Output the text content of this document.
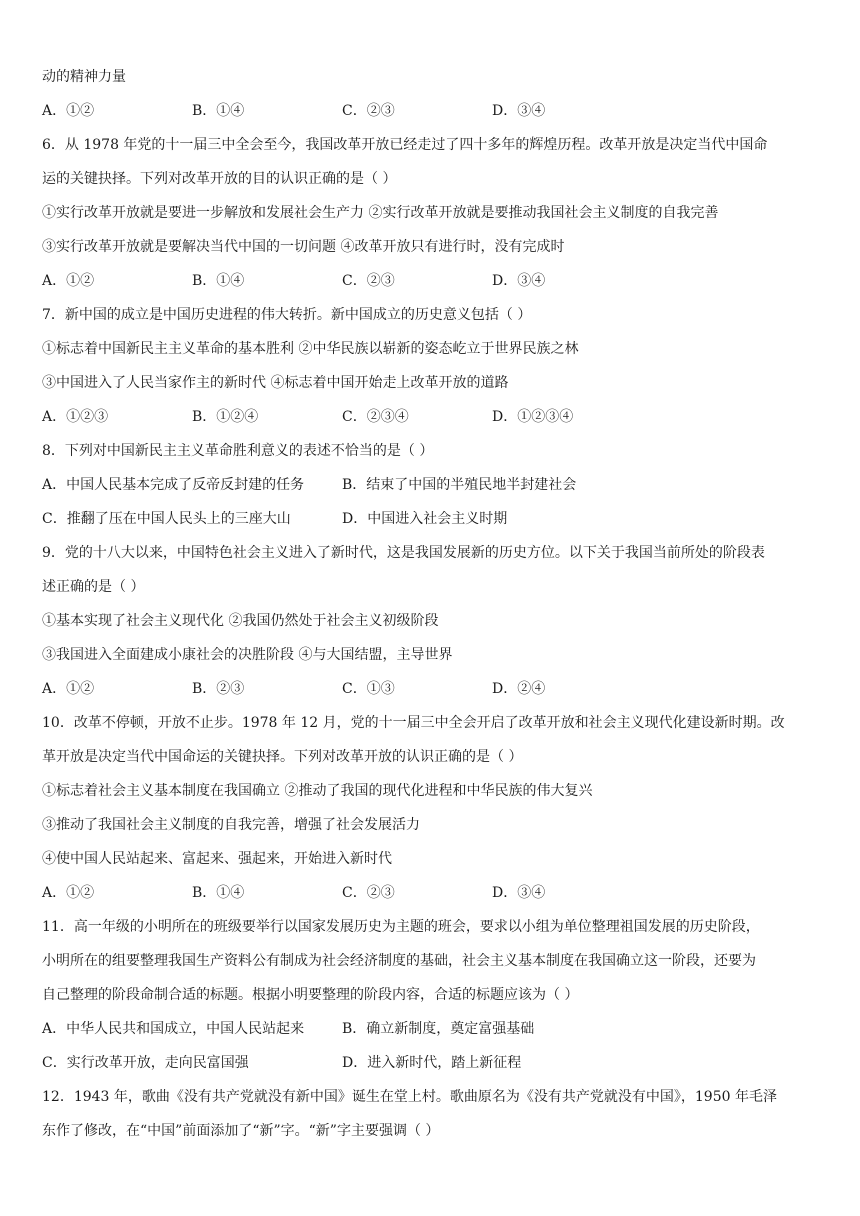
动的精神力量
A．①②	B．①④	C．②③	D．③④
6．从 1978 年党的十一届三中全会至今，我国改革开放已经走过了四十多年的辉煌历程。改革开放是决定当代中国命
运的关键抉择。下列对改革开放的目的认识正确的是（ ）
①实行改革开放就是要进一步解放和发展社会生产力 ②实行改革开放就是要推动我国社会主义制度的自我完善
③实行改革开放就是要解决当代中国的一切问题 ④改革开放只有进行时，没有完成时
A．①②	B．①④	C．②③	D．③④
7．新中国的成立是中国历史进程的伟大转折。新中国成立的历史意义包括（ ）
①标志着中国新民主主义革命的基本胜利 ②中华民族以崭新的姿态屹立于世界民族之林
③中国进入了人民当家作主的新时代 ④标志着中国开始走上改革开放的道路
A．①②③	B．①②④	C．②③④	D．①②③④
8．下列对中国新民主主义革命胜利意义的表述不恰当的是（ ）
A．中国人民基本完成了反帝反封建的任务	B．结束了中国的半殖民地半封建社会
C．推翻了压在中国人民头上的三座大山	D．中国进入社会主义时期
9．党的十八大以来，中国特色社会主义进入了新时代，这是我国发展新的历史方位。以下关于我国当前所处的阶段表
述正确的是（ ）
①基本实现了社会主义现代化 ②我国仍然处于社会主义初级阶段
③我国进入全面建成小康社会的决胜阶段 ④与大国结盟，主导世界
A．①②	B．②③	C．①③	D．②④
10．改革不停顿，开放不止步。1978 年 12 月，党的十一届三中全会开启了改革开放和社会主义现代化建设新时期。改
革开放是决定当代中国命运的关键抉择。下列对改革开放的认识正确的是（ ）
①标志着社会主义基本制度在我国确立 ②推动了我国的现代化进程和中华民族的伟大复兴
③推动了我国社会主义制度的自我完善，增强了社会发展活力
④使中国人民站起来、富起来、强起来，开始进入新时代
A．①②	B．①④	C．②③	D．③④
11．高一年级的小明所在的班级要举行以国家发展历史为主题的班会，要求以小组为单位整理祖国发展的历史阶段，
小明所在的组要整理我国生产资料公有制成为社会经济制度的基础，社会主义基本制度在我国确立这一阶段，还要为
自己整理的阶段命制合适的标题。根据小明要整理的阶段内容，合适的标题应该为（ ）
A．中华人民共和国成立，中国人民站起来	B．确立新制度，奠定富强基础
C．实行改革开放，走向民富国强	D．进入新时代，踏上新征程
12．1943 年，歌曲《没有共产党就没有新中国》诞生在堂上村。歌曲原名为《没有共产党就没有中国》，1950 年毛泽
东作了修改，在“中国”前面添加了“新”字。“新”字主要强调（ ）
